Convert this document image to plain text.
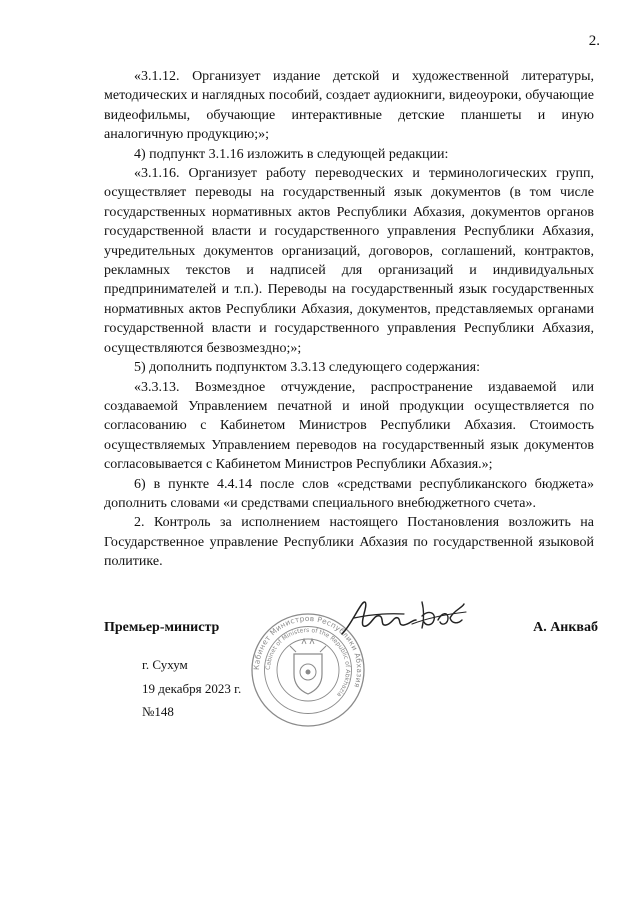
2.

«3.1.12. Организует издание детской и художественной литературы, методических и наглядных пособий, создает аудиокниги, видеоуроки, обучающие видеофильмы, обучающие интерактивные детские планшеты и иную аналогичную продукцию;»;

4) подпункт 3.1.16 изложить в следующей редакции:

«3.1.16. Организует работу переводческих и терминологических групп, осуществляет переводы на государственный язык документов (в том числе государственных нормативных актов Республики Абхазия, документов органов государственной власти и государственного управления Республики Абхазия, учредительных документов организаций, договоров, соглашений, контрактов, рекламных текстов и надписей для организаций и индивидуальных предпринимателей и т.п.). Переводы на государственный язык государственных нормативных актов Республики Абхазия, документов, представляемых органами государственной власти и государственного управления Республики Абхазия, осуществляются безвозмездно;»;

5) дополнить подпунктом 3.3.13 следующего содержания:

«3.3.13. Возмездное отчуждение, распространение издаваемой или создаваемой Управлением печатной и иной продукции осуществляется по согласованию с Кабинетом Министров Республики Абхазия. Стоимость осуществляемых Управлением переводов на государственный язык документов согласовывается с Кабинетом Министров Республики Абхазия.»;

6) в пункте 4.4.14 после слов «средствами республиканского бюджета» дополнить словами «и средствами специального внебюджетного счета».

2. Контроль за исполнением настоящего Постановления возложить на Государственное управление Республики Абхазия по государственной языковой политике.

Премьер-министр	А. Анкваб
Кабинет Министров Республики Абхазия
Cabinet of Ministers of the Republic of Abkhazia
г. Сухум
19 декабря 2023 г.
№148
